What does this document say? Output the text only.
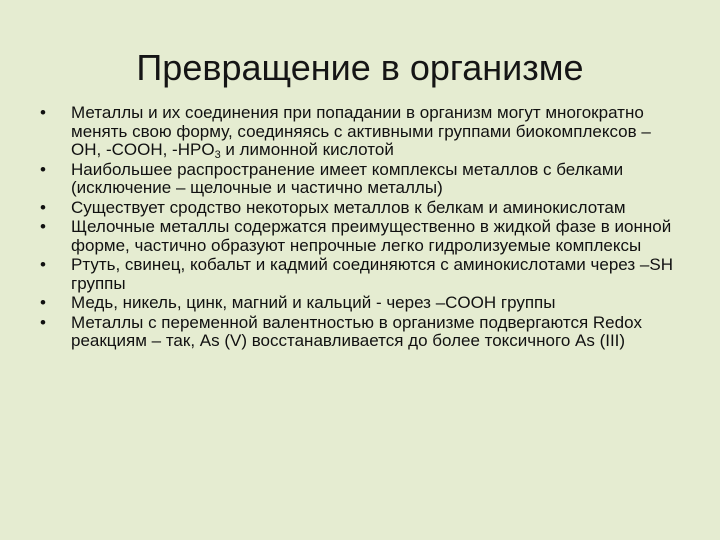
Превращение в организме
•	Металлы и их соединения при попадании в организм могут многократно менять свою форму, соединяясь с активными группами биокомплексов –OH, -COOH, $-HPO_3$ и лимонной кислотой
•	Наибольшее распространение имеет комплексы металлов с белками (исключение – щелочные и частично металлы)
•	Существует сродство некоторых металлов к белкам и аминокислотам
•	Щелочные металлы содержатся преимущественно в жидкой фазе в ионной форме, частично образуют непрочные легко гидролизуемые комплексы
•	Ртуть, свинец, кобальт и кадмий соединяются с аминокислотами через –SH группы
•	Медь, никель, цинк, магний и кальций - через –COOH группы
•	Металлы с переменной валентностью в организме подвергаются Redox реакциям – так, As (V) восстанавливается до более токсичного As (III)
